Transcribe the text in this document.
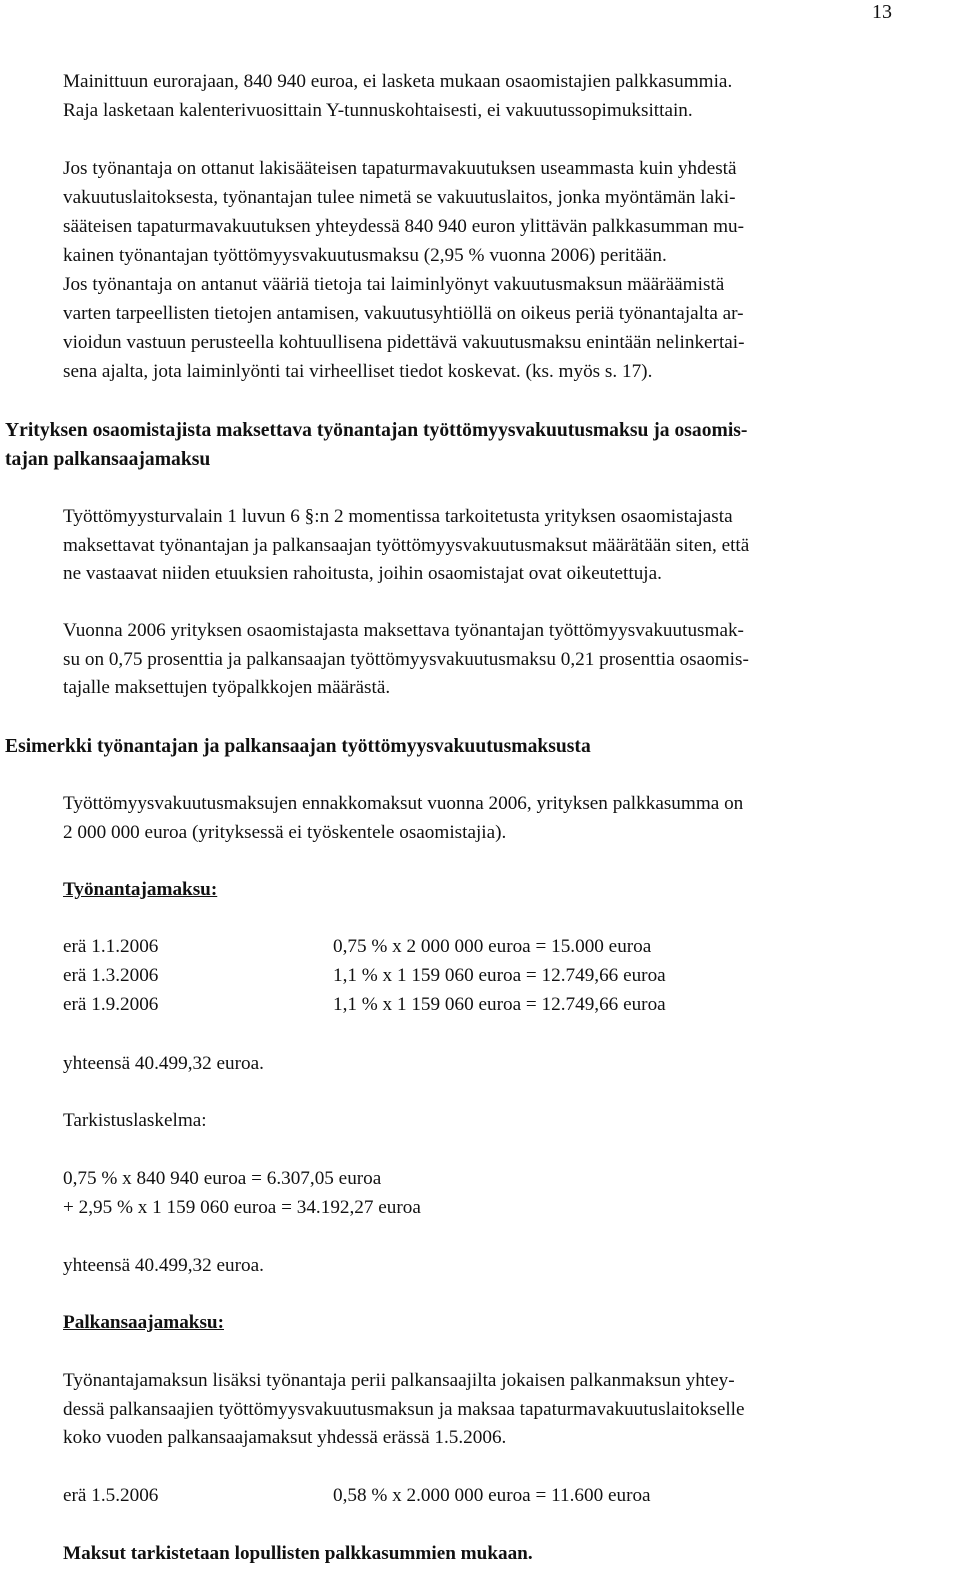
13

Mainittuun eurorajaan, 840 940 euroa, ei lasketa mukaan osaomistajien palkkasummia.
Raja lasketaan kalenterivuosittain Y-tunnuskohtaisesti, ei vakuutussopimuksittain.

Jos työnantaja on ottanut lakisääteisen tapaturmavakuutuksen useammasta kuin yhdestä
vakuutuslaitoksesta, työnantajan tulee nimetä se vakuutuslaitos, jonka myöntämän laki-
sääteisen tapaturmavakuutuksen yhteydessä 840 940 euron ylittävän palkkasumman mu-
kainen työnantajan työttömyysvakuutusmaksu (2,95 % vuonna 2006) peritään.

Jos työnantaja on antanut vääriä tietoja tai laiminlyönyt vakuutusmaksun määräämistä
varten tarpeellisten tietojen antamisen, vakuutusyhtiöllä on oikeus periä työnantajalta ar-
vioidun vastuun perusteella kohtuullisena pidettävä vakuutusmaksu enintään nelinkertai-
sena ajalta, jota laiminlyönti tai virheelliset tiedot koskevat. (ks. myös s. 17).

Yrityksen osaomistajista maksettava työnantajan työttömyysvakuutusmaksu ja osaomis-
tajan palkansaajamaksu

Työttömyysturvalain 1 luvun 6 §:n 2 momentissa tarkoitetusta yrityksen osaomistajasta
maksettavat työnantajan ja palkansaajan työttömyysvakuutusmaksut määrätään siten, että
ne vastaavat niiden etuuksien rahoitusta, joihin osaomistajat ovat oikeutettuja.

Vuonna 2006 yrityksen osaomistajasta maksettava työnantajan työttömyysvakuutusmak-
su on 0,75 prosenttia ja palkansaajan työttömyysvakuutusmaksu 0,21 prosenttia osaomis-
tajalle maksettujen työpalkkojen määrästä.

Esimerkki työnantajan ja palkansaajan työttömyysvakuutusmaksusta

Työttömyysvakuutusmaksujen ennakkomaksut vuonna 2006, yrityksen palkkasumma on
2 000 000 euroa (yrityksessä ei työskentele osaomistajia).

Työnantajamaksu:

erä 1.1.2006	0,75 % x 2 000 000 euroa = 15.000 euroa
erä 1.3.2006	1,1 % x 1 159 060 euroa = 12.749,66 euroa
erä 1.9.2006	1,1 % x 1 159 060 euroa = 12.749,66 euroa
yhteensä 40.499,32 euroa.
Tarkistuslaskelma:
0,75 % x 840 940 euroa = 6.307,05 euroa
+ 2,95 % x 1 159 060 euroa = 34.192,27 euroa
yhteensä 40.499,32 euroa.

Palkansaajamaksu:

Työnantajamaksun lisäksi työnantaja perii palkansaajilta jokaisen palkanmaksun yhtey-
dessä palkansaajien työttömyysvakuutusmaksun ja maksaa tapaturmavakuutuslaitokselle
koko vuoden palkansaajamaksut yhdessä erässä 1.5.2006.

erä 1.5.2006	0,58 % x 2.000 000 euroa = 11.600 euroa

Maksut tarkistetaan lopullisten palkkasummien mukaan.
